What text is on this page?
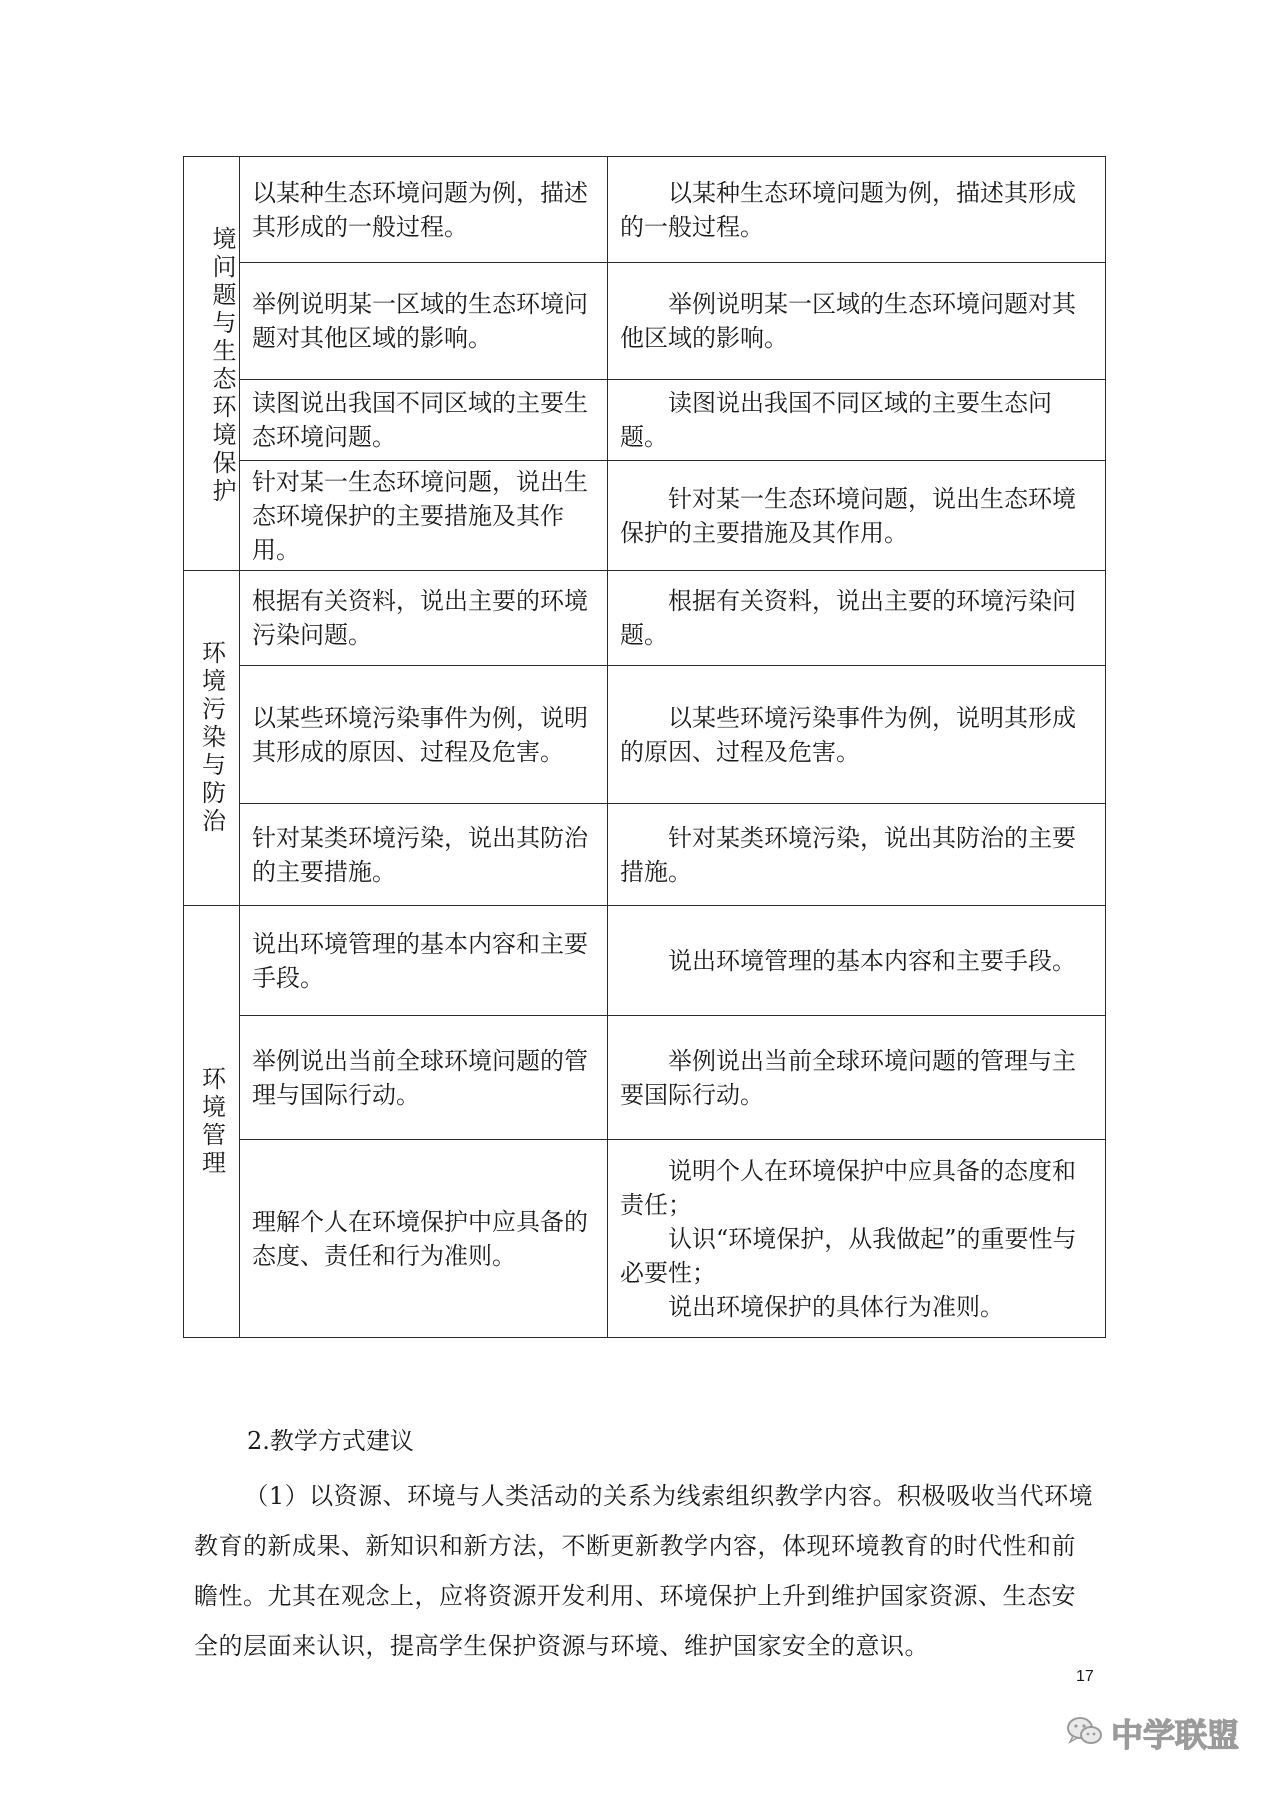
境问题与生态环境保护	以某种生态环境问题为例，描述其形成的一般过程。	以某种生态环境问题为例，描述其形成的一般过程。

	举例说明某一区域的生态环境问题对其他区域的影响。	举例说明某一区域的生态环境问题对其他区域的影响。

	读图说出我国不同区域的主要生态环境问题。	读图说出我国不同区域的主要生态问题。

	针对某一生态环境问题，说出生态环境保护的主要措施及其作用。	针对某一生态环境问题，说出生态环境保护的主要措施及其作用。

环境污染与防治	根据有关资料，说出主要的环境污染问题。	根据有关资料，说出主要的环境污染问题。

	以某些环境污染事件为例，说明其形成的原因、过程及危害。	以某些环境污染事件为例，说明其形成的原因、过程及危害。

	针对某类环境污染，说出其防治的主要措施。	针对某类环境污染，说出其防治的主要措施。

环境管理	说出环境管理的基本内容和主要手段。	说出环境管理的基本内容和主要手段。

	举例说出当前全球环境问题的管理与国际行动。	举例说出当前全球环境问题的管理与主要国际行动。

	理解个人在环境保护中应具备的态度、责任和行为准则。	说明个人在环境保护中应具备的态度和责任；
认识“环境保护，从我做起”的重要性与必要性；
说出环境保护的具体行为准则。
2.教学方式建议
（1）以资源、环境与人类活动的关系为线索组织教学内容。积极吸收当代环境教育的新成果、新知识和新方法，不断更新教学内容，体现环境教育的时代性和前瞻性。尤其在观念上，应将资源开发利用、环境保护上升到维护国家资源、生态安全的层面来认识，提高学生保护资源与环境、维护国家安全的意识。
17
中学联盟
